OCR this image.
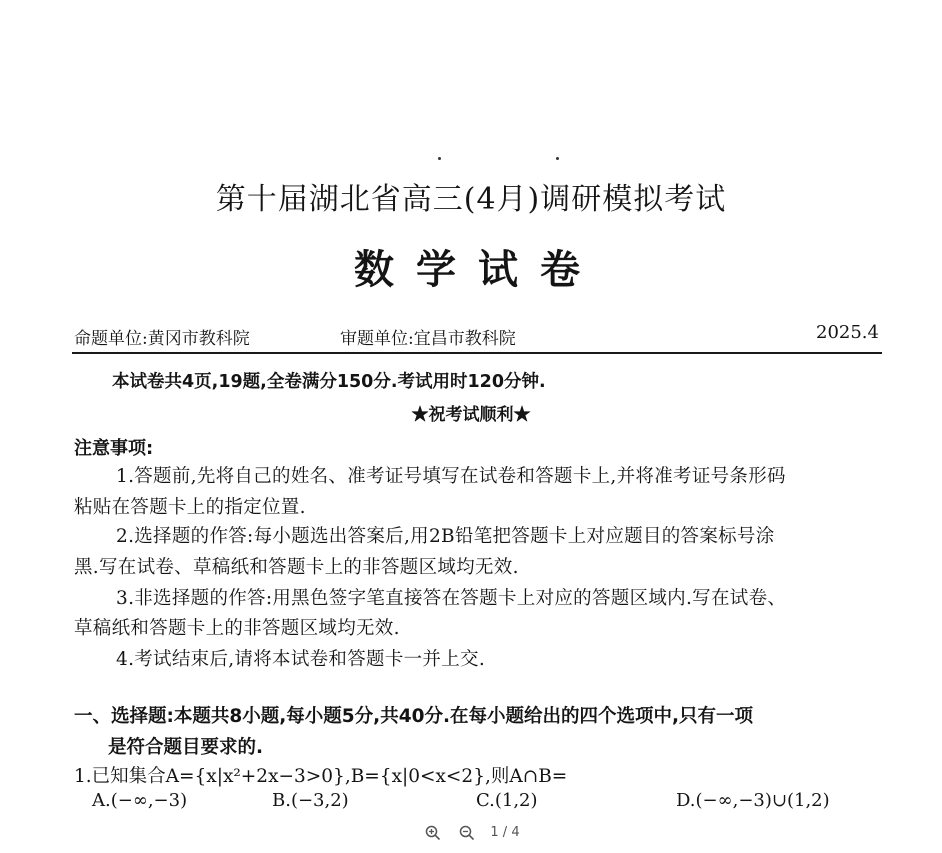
第十届湖北省高三(4月)调研模拟考试
数学试卷
命题单位:黄冈市教科院	审题单位:宜昌市教科院	2025.4
本试卷共4页,19题,全卷满分150分.考试用时120分钟.
★祝考试顺利★
注意事项:
1.答题前,先将自己的姓名、准考证号填写在试卷和答题卡上,并将准考证号条形码
粘贴在答题卡上的指定位置.
2.选择题的作答:每小题选出答案后,用2B铅笔把答题卡上对应题目的答案标号涂
黑.写在试卷、草稿纸和答题卡上的非答题区域均无效.
3.非选择题的作答:用黑色签字笔直接答在答题卡上对应的答题区域内.写在试卷、
草稿纸和答题卡上的非答题区域均无效.
4.考试结束后,请将本试卷和答题卡一并上交.
一、选择题:本题共8小题,每小题5分,共40分.在每小题给出的四个选项中,只有一项
是符合题目要求的.
1.已知集合A={x|x²+2x−3>0},B={x|0<x<2},则A∩B=
A.(−∞,−3)	B.(−3,2)	C.(1,2)	D.(−∞,−3)∪(1,2)
1 / 4
